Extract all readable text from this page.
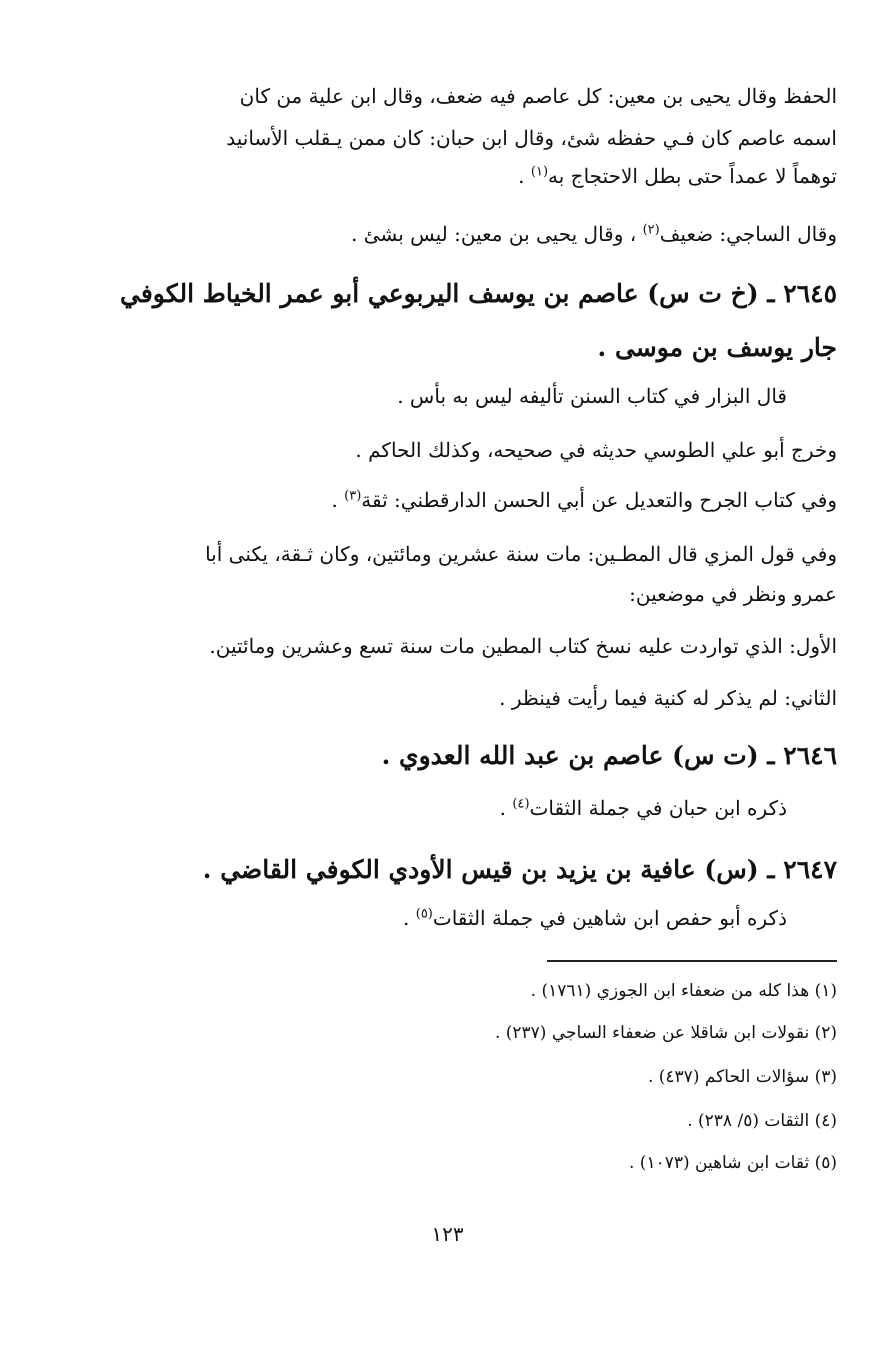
الحفظ وقال يحيى بن معين: كل عاصم فيه ضعف، وقال ابن علية من كان

اسمه عاصم كان فـي حفظه شئ، وقال ابن حبان: كان ممن يـقلب الأسانيد

توهماً لا عمداً حتى بطل الاحتجاج به$^{(١)}$ .

وقال الساجي: ضعيف$^{(٢)}$ ، وقال يحيى بن معين: ليس بشئ .

٢٦٤٥ ـ (خ ت س) عاصم بن يوسف اليربوعي أبو عمر الخياط الكوفي

جار يوسف بن موسى .

قال البزار في كتاب السنن تأليفه ليس به بأس .

وخرج أبو علي الطوسي حديثه في صحيحه، وكذلك الحاكم .

وفي كتاب الجرح والتعديل عن أبي الحسن الدارقطني: ثقة$^{(٣)}$ .

وفي قول المزي قال المطـين: مات سنة عشرين ومائتين، وكان ثـقة، يكنى أبا

عمرو ونظر في موضعين:

الأول: الذي تواردت عليه نسخ كتاب المطين مات سنة تسع وعشرين ومائتين.

الثاني: لم يذكر له كنية فيما رأيت فينظر .

٢٦٤٦ ـ (ت س) عاصم بن عبد الله العدوي .

ذكره ابن حبان في جملة الثقات$^{(٤)}$ .

٢٦٤٧ ـ (س) عافية بن يزيد بن قيس الأودي الكوفي القاضي .

ذكره أبو حفص ابن شاهين في جملة الثقات$^{(٥)}$ .

(١) هذا كله من ضعفاء ابن الجوزي (١٧٦١) .

(٢) نقولات ابن شاقلا عن ضعفاء الساجي (٢٣٧) .

(٣) سؤالات الحاكم (٤٣٧) .

(٤) الثقات (٥/ ٢٣٨) .

(٥) ثقات ابن شاهين (١٠٧٣) .

١٢٣
